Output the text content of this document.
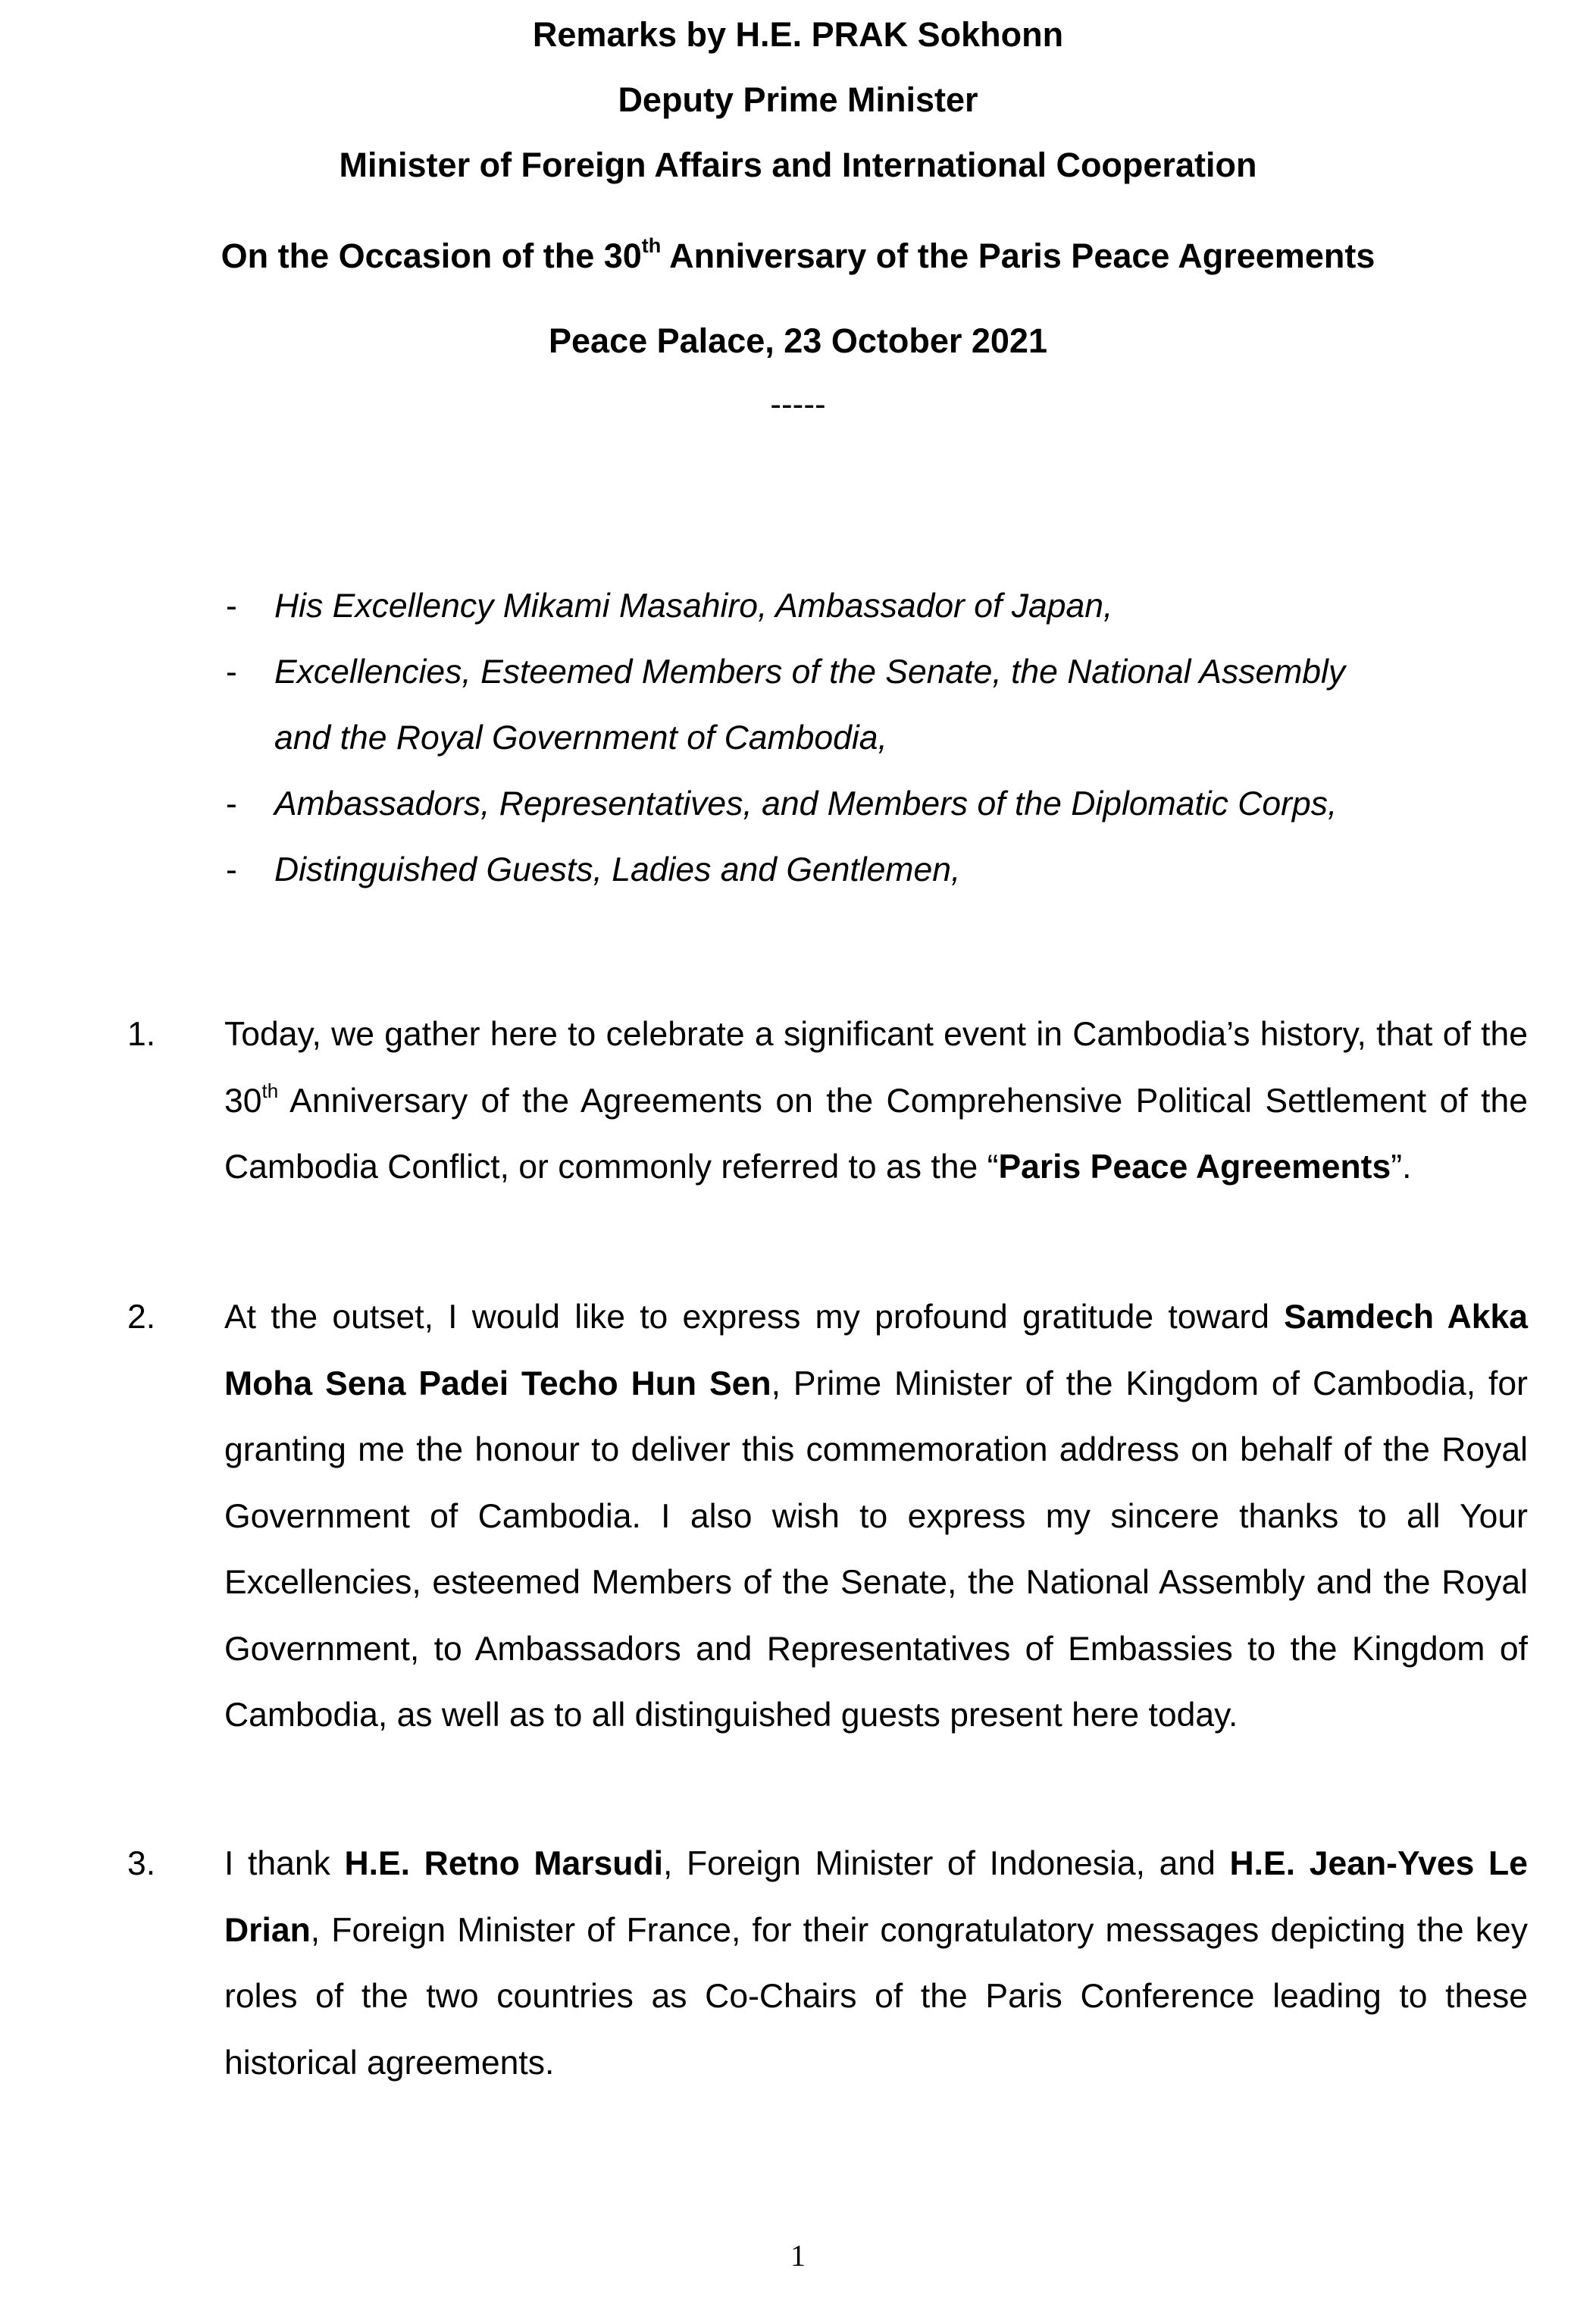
Remarks by H.E. PRAK Sokhonn
Deputy Prime Minister
Minister of Foreign Affairs and International Cooperation
On the Occasion of the 30th Anniversary of the Paris Peace Agreements
Peace Palace, 23 October 2021
-----
- His Excellency Mikami Masahiro, Ambassador of Japan,
- Excellencies, Esteemed Members of the Senate, the National Assembly
and the Royal Government of Cambodia,
- Ambassadors, Representatives, and Members of the Diplomatic Corps,
- Distinguished Guests, Ladies and Gentlemen,
1. Today, we gather here to celebrate a significant event in Cambodia’s history, that of the 30th Anniversary of the Agreements on the Comprehensive Political Settlement of the Cambodia Conflict, or commonly referred to as the “Paris Peace Agreements”.
2. At the outset, I would like to express my profound gratitude toward Samdech Akka Moha Sena Padei Techo Hun Sen, Prime Minister of the Kingdom of Cambodia, for granting me the honour to deliver this commemoration address on behalf of the Royal Government of Cambodia. I also wish to express my sincere thanks to all Your Excellencies, esteemed Members of the Senate, the National Assembly and the Royal Government, to Ambassadors and Representatives of Embassies to the Kingdom of Cambodia, as well as to all distinguished guests present here today.
3. I thank H.E. Retno Marsudi, Foreign Minister of Indonesia, and H.E. Jean-Yves Le Drian, Foreign Minister of France, for their congratulatory messages depicting the key roles of the two countries as Co-Chairs of the Paris Conference leading to these historical agreements.
1
